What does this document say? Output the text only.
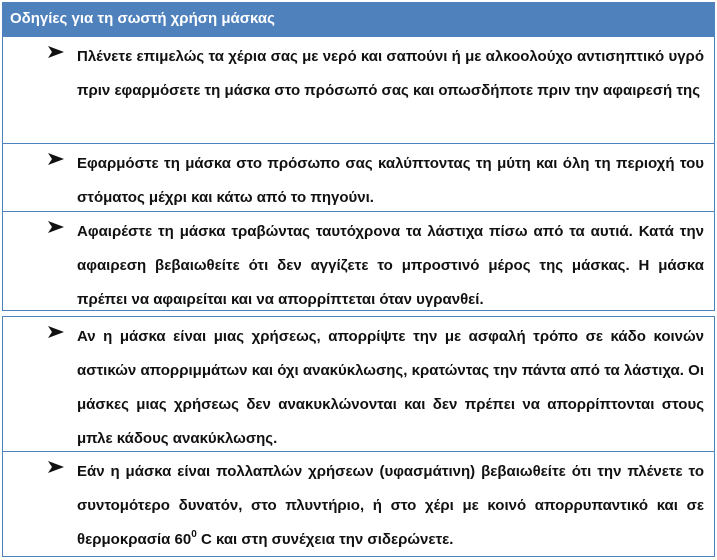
Οδηγίες για τη σωστή χρήση μάσκας
Πλένετε επιμελώς τα χέρια σας με νερό και σαπούνι ή με αλκοολούχο αντισηπτικό υγρό πριν εφαρμόσετε τη μάσκα στο πρόσωπό σας και οπωσδήποτε πριν την αφαιρεσή της
Εφαρμόστε τη μάσκα στο πρόσωπο σας καλύπτοντας τη μύτη και όλη τη περιοχή του στόματος μέχρι και κάτω από το πηγούνι.
Αφαιρέστε τη μάσκα τραβώντας ταυτόχρονα τα λάστιχα πίσω από τα αυτιά. Κατά την αφαιρεση βεβαιωθείτε ότι δεν αγγίζετε το μπροστινό μέρος της μάσκας. Η μάσκα πρέπει να αφαιρείται και να απορρίπτεται όταν υγρανθεί.
Αν η μάσκα είναι μιας χρήσεως, απορρίψτε την με ασφαλή τρόπο σε κάδο κοινών αστικών απορριμμάτων και όχι ανακύκλωσης, κρατώντας την πάντα από τα λάστιχα. Οι μάσκες μιας χρήσεως δεν ανακυκλώνονται και δεν πρέπει να απορρίπτονται στους μπλε κάδους ανακύκλωσης.
Εάν η μάσκα είναι πολλαπλών χρήσεων (υφασμάτινη) βεβαιωθείτε ότι την πλένετε το συντομότερο δυνατόν, στο πλυντήριο, ή στο χέρι με κοινό απορρυπαντικό και σε θερμοκρασία $60^0$ C και στη συνέχεια την σιδερώνετε.
